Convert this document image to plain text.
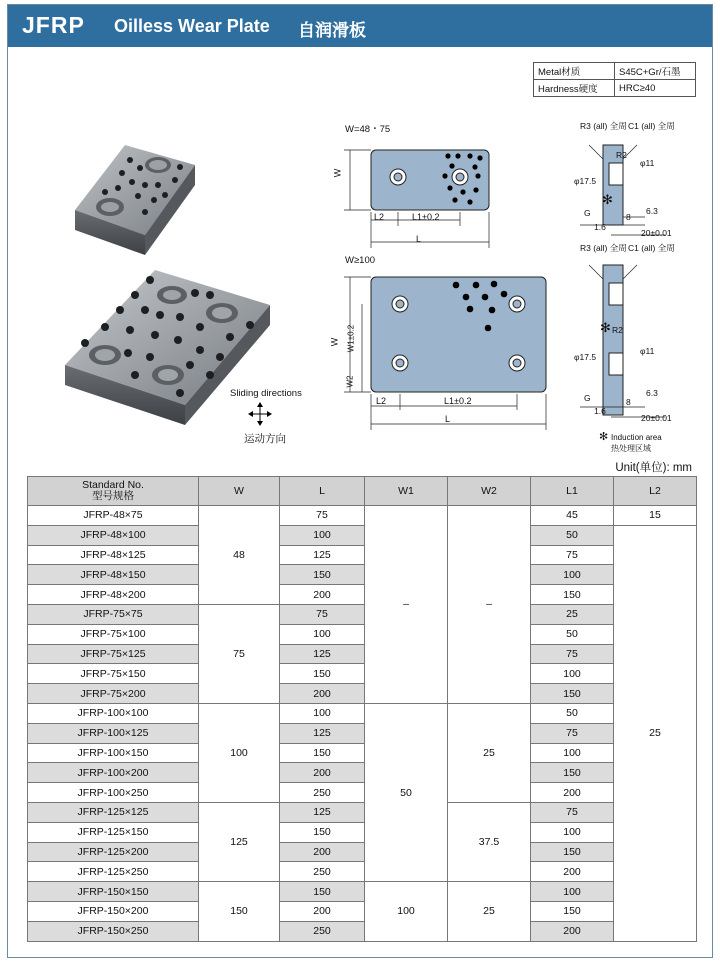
JFRP Oilless Wear Plate 自润滑板
Metal材质	S45C+Gr/石墨
Hardness硬度	HRC≥40
Sliding directions
运动方向
W=48・75
W
L2	L1±0.2
L
W≥100
W W1±0.2
W2
L2	L1±0.2
L
R3 (all) 全周 C1 (all) 全周
R2
φ11
φ17.5
✻
G
1.6
8
6.3
20±0.01
R3 (all) 全周 C1 (all) 全周
R2
✻
φ11
φ17.5
G
1.6
8
6.3
20±0.01
✻ Induction area
热处理区域
Unit(单位): mm
Standard No.
型号规格	W	L	W1	W2	L1	L2
JFRP-48×75	48	75	–	–	45	15
JFRP-48×100		100			50	25
JFRP-48×125		125			75	
JFRP-48×150		150			100	
JFRP-48×200		200			150	
JFRP-75×75	75	75			25	
JFRP-75×100		100			50	
JFRP-75×125		125			75	
JFRP-75×150		150			100	
JFRP-75×200		200			150	
JFRP-100×100	100	100	50	25	50	
JFRP-100×125		125			75	
JFRP-100×150		150			100	
JFRP-100×200		200			150	
JFRP-100×250		250			200	
JFRP-125×125	125	125		37.5	75	
JFRP-125×150		150			100	
JFRP-125×200		200			150	
JFRP-125×250		250			200	
JFRP-150×150	150	150	100	25	100	
JFRP-150×200		200			150	
JFRP-150×250		250			200	
